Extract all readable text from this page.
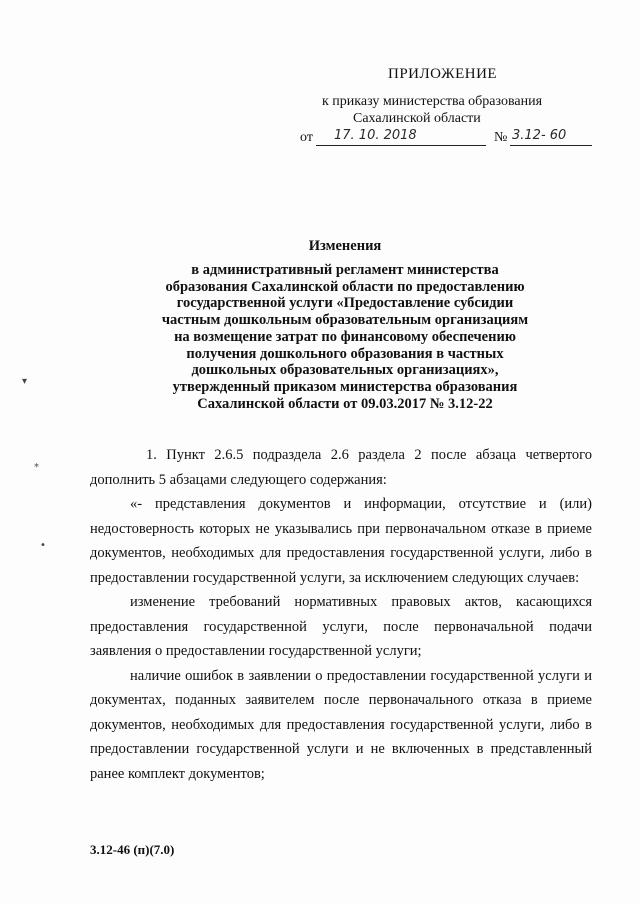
ПРИЛОЖЕНИЕ
к приказу министерства образования
Сахалинской области
от	17. 10. 2018	№ 3.12- 60
Изменения
в административный регламент министерства
образования Сахалинской области по предоставлению
государственной услуги «Предоставление субсидии
частным дошкольным образовательным организациям
на возмещение затрат по финансовому обеспечению
получения дошкольного образования в частных
дошкольных образовательных организациях»,
утвержденный приказом министерства образования
Сахалинской области от 09.03.2017 № 3.12-22

1. Пункт 2.6.5 подраздела 2.6 раздела 2 после абзаца четвертого дополнить 5 абзацами следующего содержания:

«- представления документов и информации, отсутствие и (или) недостоверность которых не указывались при первоначальном отказе в приеме документов, необходимых для предоставления государственной услуги, либо в предоставлении государственной услуги, за исключением следующих случаев:

изменение требований нормативных правовых актов, касающихся предоставления государственной услуги, после первоначальной подачи заявления о предоставлении государственной услуги;

наличие ошибок в заявлении о предоставлении государственной услуги и документах, поданных заявителем после первоначального отказа в приеме документов, необходимых для предоставления государственной услуги, либо в предоставлении государственной услуги и не включенных в представленный ранее комплект документов;

3.12-46 (п)(7.0)
▾
*
•
